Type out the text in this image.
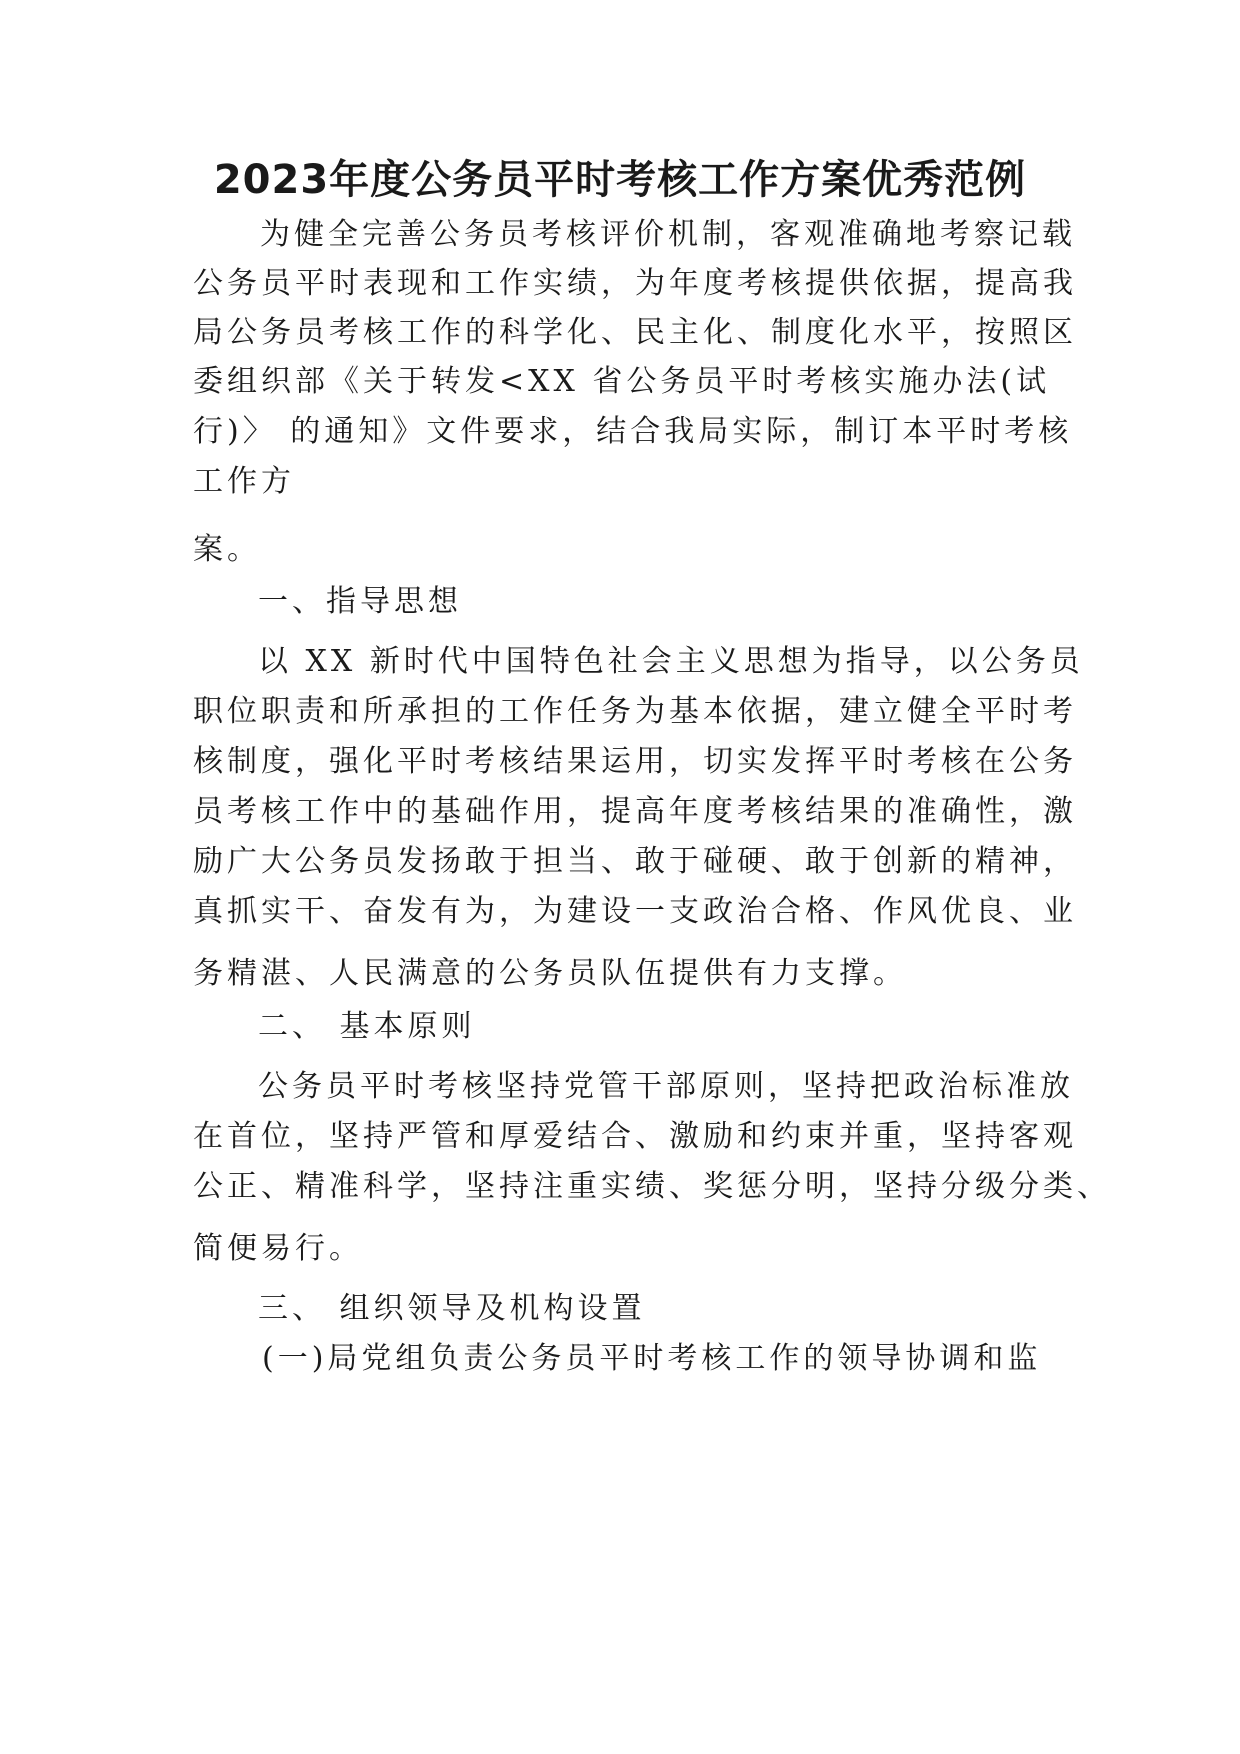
2023年度公务员平时考核工作方案优秀范例

为健全完善公务员考核评价机制，客观准确地考察记载

公务员平时表现和工作实绩，为年度考核提供依据，提高我

局公务员考核工作的科学化、民主化、制度化水平，按照区

委组织部《关于转发<XX 省公务员平时考核实施办法(试

行)〉 的通知》文件要求，结合我局实际，制订本平时考核

工作方

案。

一、指导思想

以 XX 新时代中国特色社会主义思想为指导，以公务员

职位职责和所承担的工作任务为基本依据，建立健全平时考

核制度，强化平时考核结果运用，切实发挥平时考核在公务

员考核工作中的基础作用，提高年度考核结果的准确性，激

励广大公务员发扬敢于担当、敢于碰硬、敢于创新的精神，

真抓实干、奋发有为，为建设一支政治合格、作风优良、业

务精湛、人民满意的公务员队伍提供有力支撑。

二、 基本原则

公务员平时考核坚持党管干部原则，坚持把政治标准放

在首位，坚持严管和厚爱结合、激励和约束并重，坚持客观

公正、精准科学，坚持注重实绩、奖惩分明，坚持分级分类、

简便易行。

三、 组织领导及机构设置

(一)局党组负责公务员平时考核工作的领导协调和监
